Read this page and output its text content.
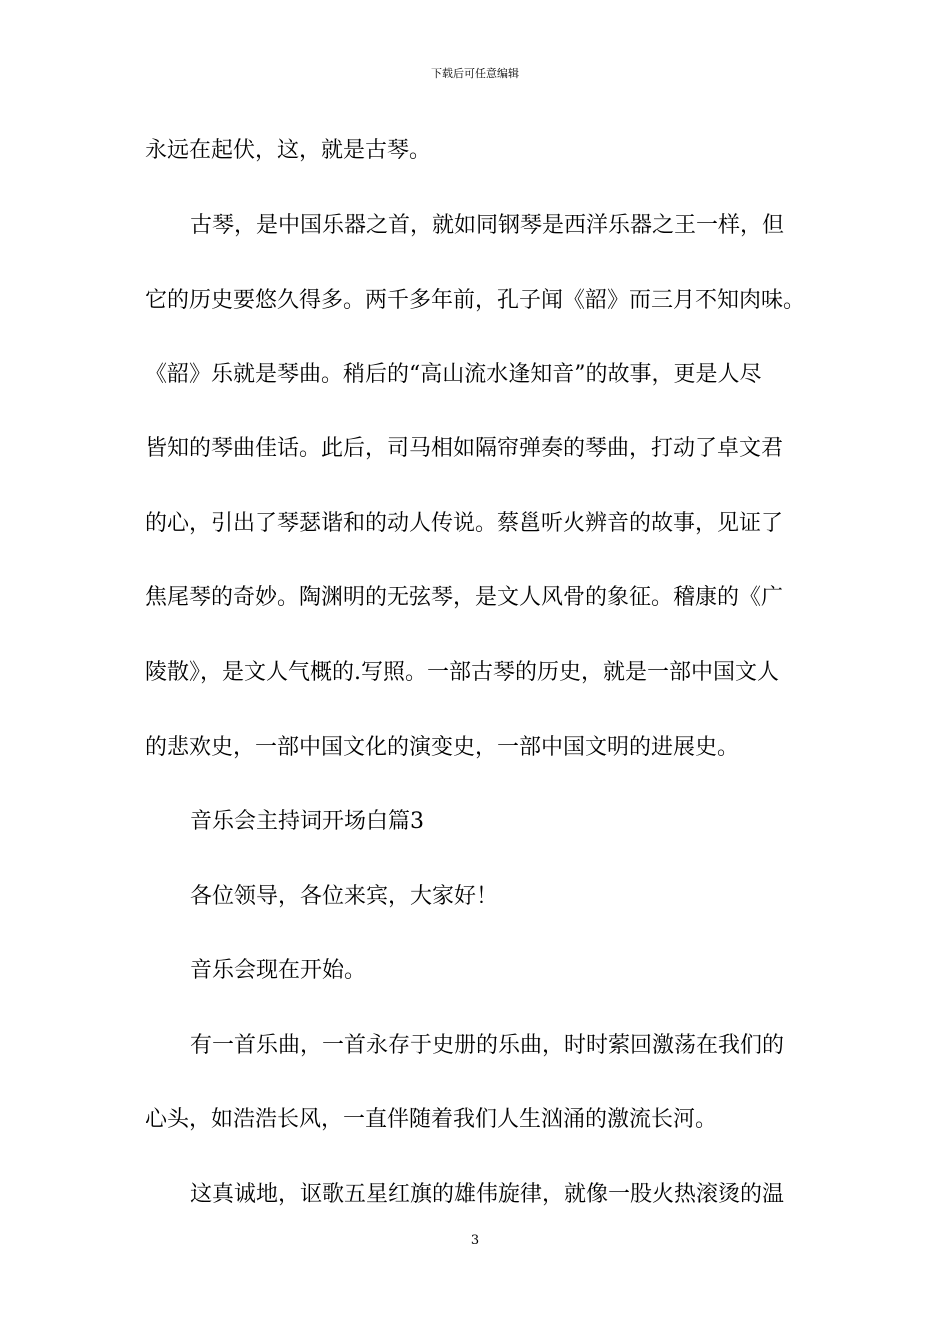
下载后可任意编辑
永远在起伏，这，就是古琴。
古琴，是中国乐器之首，就如同钢琴是西洋乐器之王一样，但
它的历史要悠久得多。两千多年前，孔子闻《韶》而三月不知肉味。
《韶》乐就是琴曲。稍后的“高山流水逢知音”的故事，更是人尽
皆知的琴曲佳话。此后，司马相如隔帘弹奏的琴曲，打动了卓文君
的心，引出了琴瑟谐和的动人传说。蔡邕听火辨音的故事，见证了
焦尾琴的奇妙。陶渊明的无弦琴，是文人风骨的象征。稽康的《广
陵散》，是文人气概的.写照。一部古琴的历史，就是一部中国文人
的悲欢史，一部中国文化的演变史，一部中国文明的进展史。
音乐会主持词开场白篇3
各位领导，各位来宾，大家好！
音乐会现在开始。
有一首乐曲，一首永存于史册的乐曲，时时萦回激荡在我们的
心头，如浩浩长风，一直伴随着我们人生汹涌的激流长河。
这真诚地，讴歌五星红旗的雄伟旋律，就像一股火热滚烫的温
3
